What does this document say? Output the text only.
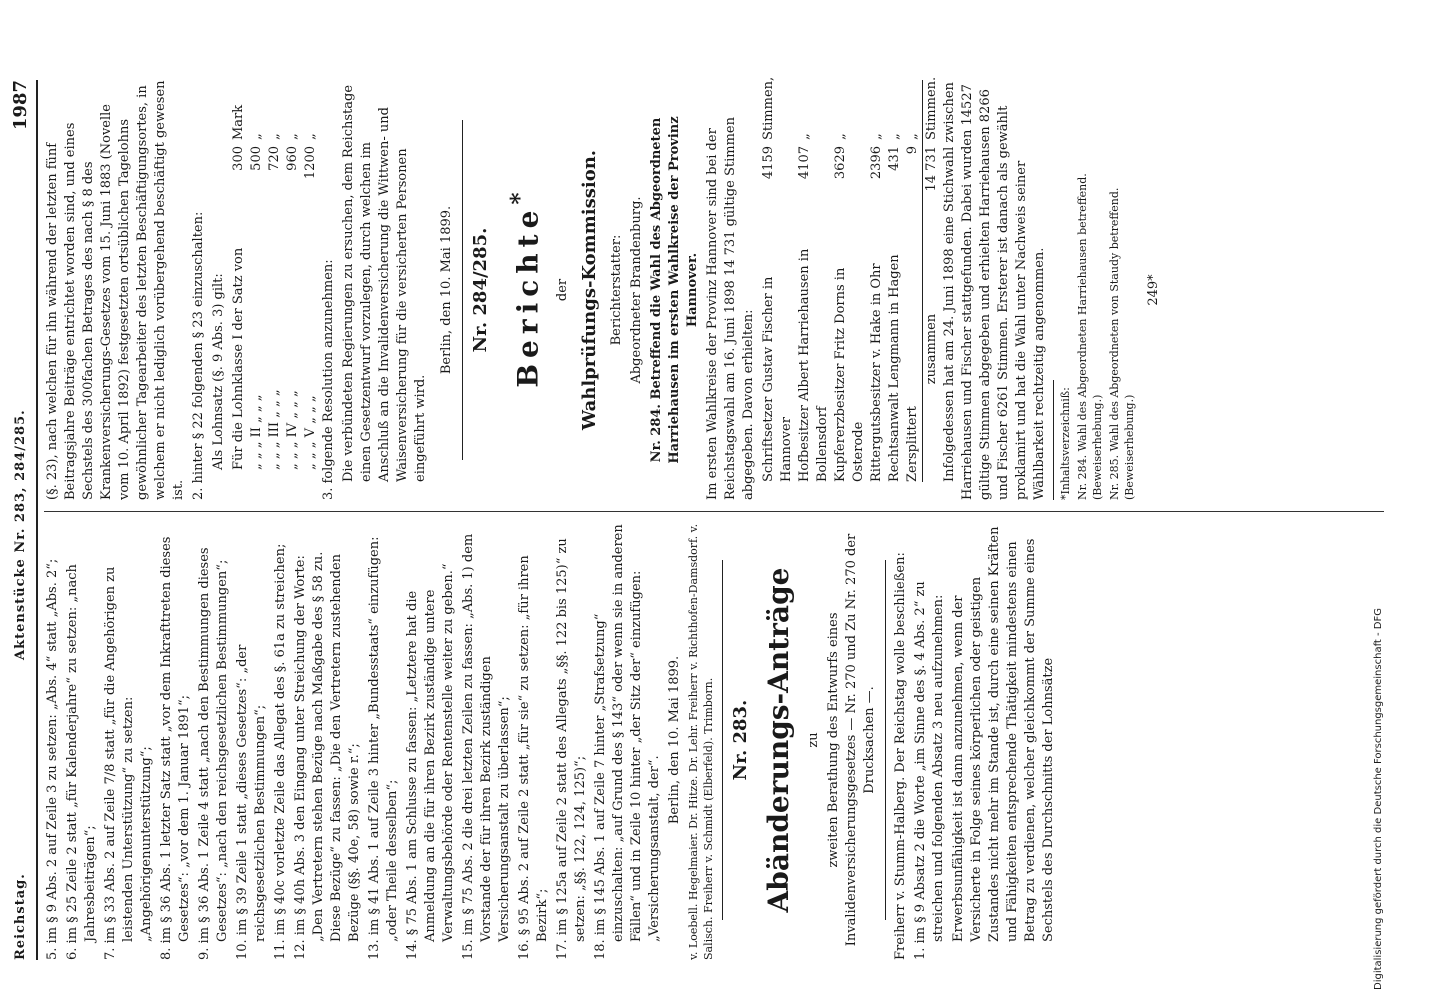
Reichstag.
Aktenstücke Nr. 283, 284/285.
1987

5. im § 9 Abs. 2 auf Zeile 3 zu setzen: „Abs. 4“ statt „Abs. 2“; 6. im § 25 Zeile 2 statt „für Kalenderjahre“ zu setzen: „nach Jahresbeiträgen“; 7. im § 33 Abs. 2 auf Zeile 7/8 statt „für die Angehörigen zu leistenden Unterstützung“ zu setzen: „Angehörigenunterstützung“; 8. im § 36 Abs. 1 letzter Satz statt „vor dem Inkrafttreten dieses Gesetzes“: „vor dem 1. Januar 1891“; 9. im § 36 Abs. 1 Zeile 4 statt „nach den Bestimmungen dieses Gesetzes“: „nach den reichsgesetzlichen Bestimmungen“; 10. im § 39 Zeile 1 statt „dieses Gesetzes“: „der reichsgesetzlichen Bestimmungen“; 11. im § 40c vorletzte Zeile das Allegat des §. 61a zu streichen; 12. im § 40h Abs. 3 den Eingang unter Streichung der Worte: „Den Vertretern stehen Bezüge nach Maßgabe des § 58 zu. Diese Bezüge“ zu fassen: „Die den Vertretern zustehenden Bezüge (§§. 40e, 58) sowie r.“; 13. im § 41 Abs. 1 auf Zeile 3 hinter „Bundesstaats“ einzufügen: „oder Theile desselben“; 14. § 75 Abs. 1 am Schlusse zu fassen: „Letztere hat die Anmeldung an die für ihren Bezirk zuständige untere Verwaltungsbehörde oder Rentenstelle weiter zu geben.“ 15. im § 75 Abs. 2 die drei letzten Zeilen zu fassen: „Abs. 1) dem Vorstande der für ihren Bezirk zuständigen Versicherungsanstalt zu überlassen“; 16. § 95 Abs. 2 auf Zeile 2 statt „für sie“ zu setzen: „für ihren Bezirk“; 17. im § 125a auf Zeile 2 statt des Allegats „§§. 122 bis 125)“ zu setzen: „§§. 122, 124, 125)“; 18. im § 145 Abs. 1 auf Zeile 7 hinter „Strafsetzung“ einzuschalten: „auf Grund des § 143“ oder wenn sie in anderen Fällen“ und in Zeile 10 hinter „der Sitz der“ einzufügen: „Versicherungsanstalt, der“.

Berlin, den 10. Mai 1899. v. Loebell. Hegelmaier. Dr. Hitze. Dr. Lehr. Freiherr v. Richthofen-Damsdorf. v. Salisch. Freiherr v. Schmidt (Elberfeld). Trimborn. Nr. 283. Abänderungs-Anträge zu zweiten Berathung des Entwurfs eines Invalidenversicherungsgesetzes — Nr. 270 und Zu Nr. 270 der Drucksachen —. Freiherr v. Stumm-Halberg. Der Reichstag wolle beschließen: 1. im § 9 Absatz 2 die Worte „im Sinne des §. 4 Abs. 2“ zu streichen und folgenden Absatz 3 neu aufzunehmen: Erwerbsunfähigkeit ist dann anzunehmen, wenn der Versicherte in Folge seines körperlichen oder geistigen Zustandes nicht mehr im Stande ist, durch eine seinen Kräften und Fähigkeiten entsprechende Thätigkeit mindestens einen Betrag zu verdienen, welcher gleichkommt der Summe eines Sechstels des Durchschnitts der Lohnsätze

(§. 23), nach welchen für ihn während der letzten fünf Beitragsjahre Beiträge entrichtet worden sind, und eines Sechstels des 300fachen Betrages des nach § 8 des Krankenversicherungs-Gesetzes vom 15. Juni 1883 (Novelle vom 10. April 1892) festgesetzten ortsüblichen Tagelohns gewöhnlicher Tagearbeiter des letzten Beschäftigungsortes, in welchem er nicht lediglich vorübergehend beschäftigt gewesen ist. 2. hinter § 22 folgenden § 23 einzuschalten: Als Lohnsatz (§. 9 Abs. 3) gilt: Für die Lohnklasse I der Satz von
300
Mark
„ „ „ II „ „ „
500
„
„ „ „ III „ „ „
720
„
„ „ „ IV „ „ „
960
„
„ „ „ V „ „ „
1200
„

3. folgende Resolution anzunehmen: Die verbündeten Regierungen zu ersuchen, dem Reichstage einen Gesetzentwurf vorzulegen, durch welchen im Anschluß an die Invalidenversicherung die Wittwen- und Waisenversicherung für die versicherten Personen eingeführt wird.

Berlin, den 10. Mai 1899. Nr. 284/285. Berichte*

der Wahlprüfungs-Kommission. Berichterstatter: Abgeordneter Brandenburg. Nr. 284. Betreffend die Wahl des Abgeordneten Harriehausen im ersten Wahlkreise der Provinz Hannover. Im ersten Wahlkreise der Provinz Hannover sind bei der Reichstagswahl am 16. Juni 1898 14 731 gültige Stimmen abgegeben. Davon erhielten: Schriftsetzer Gustav Fischer in Hannover
4159
Stimmen,
Hofbesitzer Albert Harriehausen in Bollensdorf
4107
„
Kupfererzbesitzer Fritz Dorns in Osterode
3629
„
Rittergutsbesitzer v. Hake in Ohr
2396
„
Rechtsanwalt Lengmann in Hagen
431
„
Zersplittert
9
„
zusammen
14 731
Stimmen. Infolgedessen hat am 24. Juni 1898 eine Stichwahl zwischen Harriehausen und Fischer stattgefunden. Dabei wurden 14527 gültige Stimmen abgegeben und erhielten Harriehausen 8266 und Fischer 6261 Stimmen. Ersterer ist danach als gewählt proklamirt und hat die Wahl unter Nachweis seiner Wählbarkeit rechtzeitig angenommen. *Inhaltsverzeichniß: Nr. 284. Wahl des Abgeordneten Harriehausen betreffend. (Beweiserhebung.) Nr. 285. Wahl des Abgeordneten von Staudy betreffend. (Beweiserhebung.)

249*

Digitalisierung gefördert durch die Deutsche Forschungsgemeinschaft - DFG
